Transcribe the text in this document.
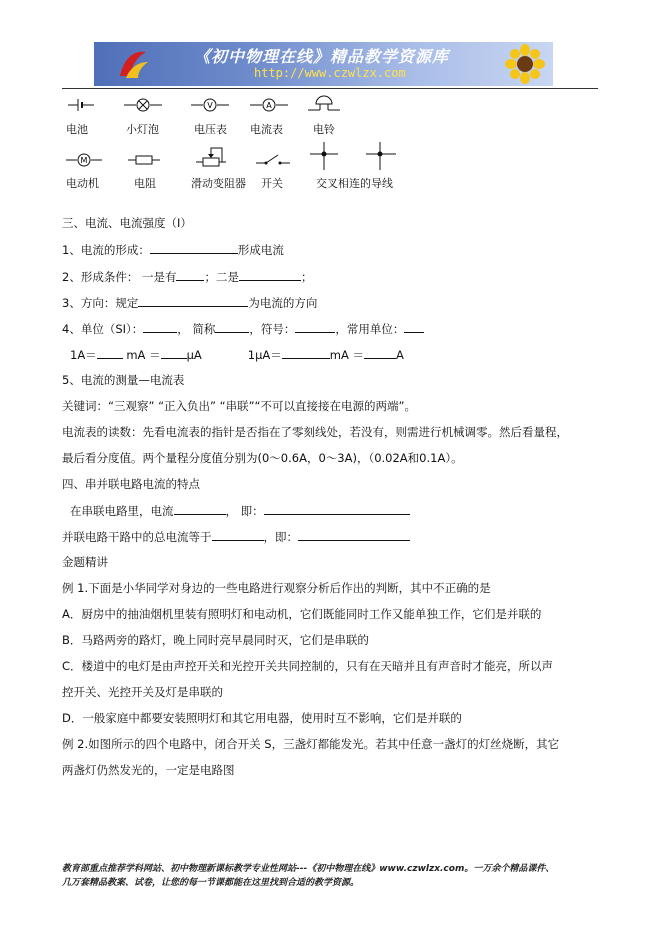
《初中物理在线》精品教学资源库
http://www.czwlzx.com
电池	小灯泡
V
电压表
A
电流表	电铃
M
电动机	电阻	滑动变阻器 开关	交叉相连的导线
三、电流、电流强度（I）
1、电流的形成：	形成电流
2、形成条件： 一是有 ；二是	；
3、方向：规定	为电流的方向
4、单位（SI）：	， 简称	，符号：	，常用单位：
1A＝	mA ＝ μA	1μA＝	mA ＝	A
5、电流的测量—电流表
关键词：“三观察” “正入负出” “串联”“不可以直接接在电源的两端”。
电流表的读数：先看电流表的指针是否指在了零刻线处，若没有，则需进行机械调零。然后看量程，
最后看分度值。两个量程分度值分别为(0～0.6A，0～3A)，（0.02A和0.1A）。
四、串并联电路电流的特点
在串联电路里，电流	， 即：
并联电路干路中的总电流等于	，即：
金题精讲
例 1.下面是小华同学对身边的一些电路进行观察分析后作出的判断，其中不正确的是
A．厨房中的抽油烟机里装有照明灯和电动机，它们既能同时工作又能单独工作，它们是并联的
B．马路两旁的路灯，晚上同时亮早晨同时灭，它们是串联的
C．楼道中的电灯是由声控开关和光控开关共同控制的，只有在天暗并且有声音时才能亮，所以声
控开关、光控开关及灯是串联的
D．一般家庭中都要安装照明灯和其它用电器，使用时互不影响，它们是并联的
例 2.如图所示的四个电路中，闭合开关 S，三盏灯都能发光。若其中任意一盏灯的灯丝烧断，其它
两盏灯仍然发光的，一定是电路图
教育部重点推荐学科网站、初中物理新课标教学专业性网站---《初中物理在线》www.czwlzx.com。一万余个精品课件、
几万套精品教案、试卷，让您的每一节课都能在这里找到合适的教学资源。
